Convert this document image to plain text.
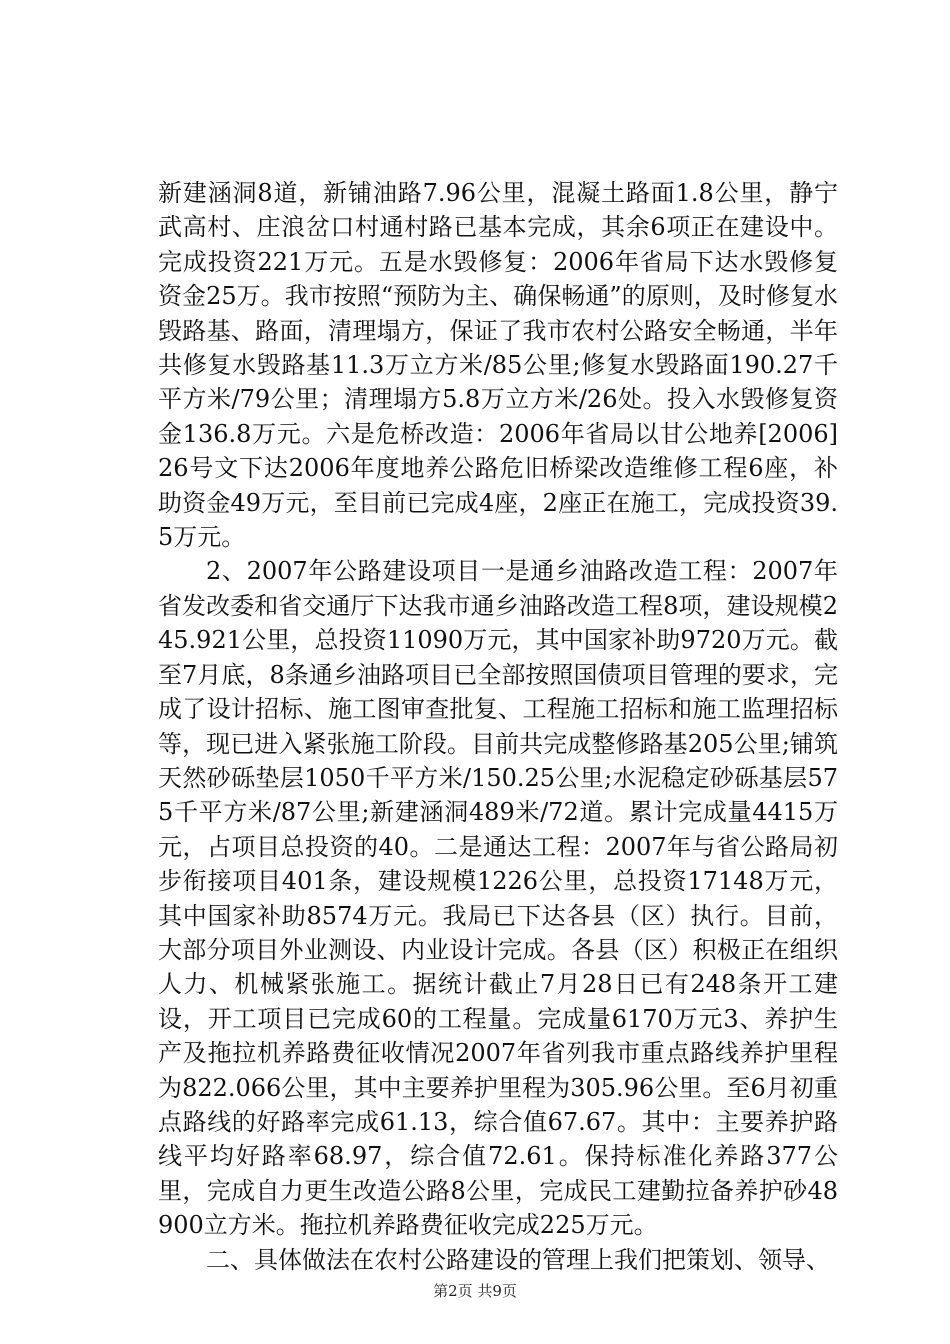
新建涵洞8道，新铺油路7.96公里，混凝土路面1.8公里，静宁武高村、庄浪岔口村通村路已基本完成，其余6项正在建设中。完成投资221万元。五是水毁修复：2006年省局下达水毁修复资金25万。我市按照“预防为主、确保畅通”的原则，及时修复水毁路基、路面，清理塌方，保证了我市农村公路安全畅通，半年共修复水毁路基11.3万立方米/85公里;修复水毁路面190.27千平方米/79公里；清理塌方5.8万立方米/26处。投入水毁修复资金136.8万元。六是危桥改造：2006年省局以甘公地养[2006]26号文下达2006年度地养公路危旧桥梁改造维修工程6座，补助资金49万元，至目前已完成4座，2座正在施工，完成投资39.5万元。

2、2007年公路建设项目一是通乡油路改造工程：2007年省发改委和省交通厅下达我市通乡油路改造工程8项，建设规模245.921公里，总投资11090万元，其中国家补助9720万元。截至7月底，8条通乡油路项目已全部按照国债项目管理的要求，完成了设计招标、施工图审查批复、工程施工招标和施工监理招标等，现已进入紧张施工阶段。目前共完成整修路基205公里;铺筑天然砂砾垫层1050千平方米/150.25公里;水泥稳定砂砾基层575千平方米/87公里;新建涵洞489米/72道。累计完成量4415万元，占项目总投资的40。二是通达工程：2007年与省公路局初步衔接项目401条，建设规模1226公里，总投资17148万元，其中国家补助8574万元。我局已下达各县（区）执行。目前，大部分项目外业测设、内业设计完成。各县（区）积极正在组织人力、机械紧张施工。据统计截止7月28日已有248条开工建设，开工项目已完成60的工程量。完成量6170万元3、养护生产及拖拉机养路费征收情况2007年省列我市重点路线养护里程为822.066公里，其中主要养护里程为305.96公里。至6月初重点路线的好路率完成61.13，综合值67.67。其中：主要养护路线平均好路率68.97，综合值72.61。保持标准化养路377公里，完成自力更生改造公路8公里，完成民工建勤拉备养护砂48900立方米。拖拉机养路费征收完成225万元。

二、具体做法在农村公路建设的管理上我们把策划、领导、

第2页 共9页
